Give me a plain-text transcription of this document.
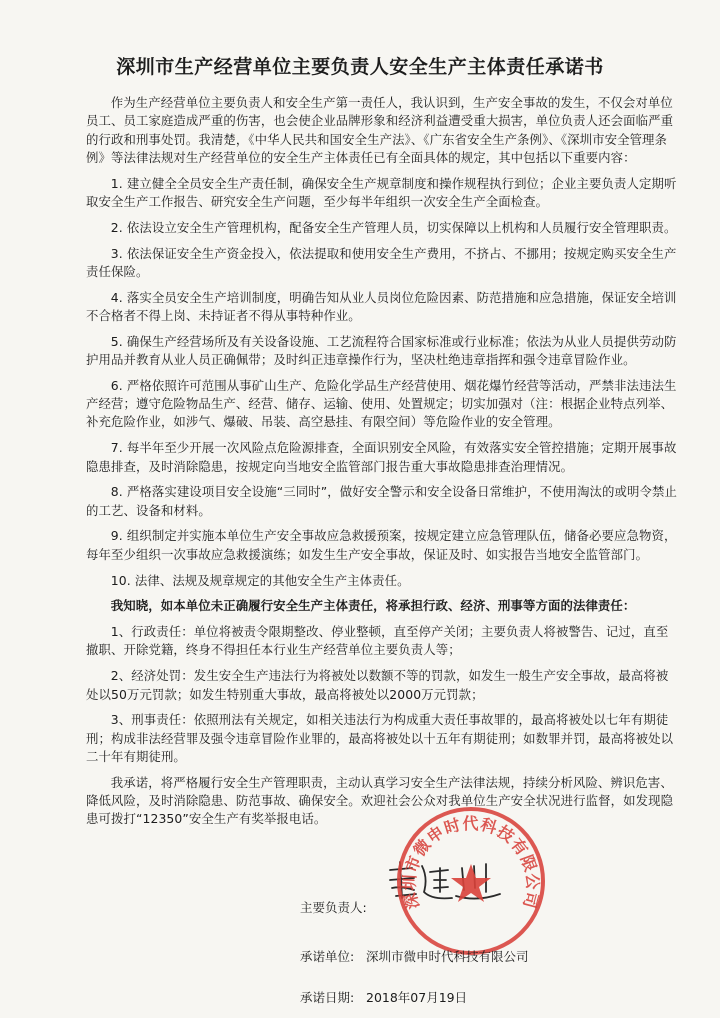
深圳市生产经营单位主要负责人安全生产主体责任承诺书

作为生产经营单位主要负责人和安全生产第一责任人，我认识到，生产安全事故的发生，不仅会对单位员工、员工家庭造成严重的伤害，也会使企业品牌形象和经济利益遭受重大损害，单位负责人还会面临严重的行政和刑事处罚。我清楚，《中华人民共和国安全生产法》、《广东省安全生产条例》、《深圳市安全管理条例》等法律法规对生产经营单位的安全生产主体责任已有全面具体的规定，其中包括以下重要内容：

1. 建立健全全员安全生产责任制，确保安全生产规章制度和操作规程执行到位；企业主要负责人定期听取安全生产工作报告、研究安全生产问题，至少每半年组织一次安全生产全面检查。

2. 依法设立安全生产管理机构，配备安全生产管理人员，切实保障以上机构和人员履行安全管理职责。

3. 依法保证安全生产资金投入，依法提取和使用安全生产费用，不挤占、不挪用；按规定购买安全生产责任保险。

4. 落实全员安全生产培训制度，明确告知从业人员岗位危险因素、防范措施和应急措施，保证安全培训不合格者不得上岗、未持证者不得从事特种作业。

5. 确保生产经营场所及有关设备设施、工艺流程符合国家标准或行业标准；依法为从业人员提供劳动防护用品并教育从业人员正确佩带；及时纠正违章操作行为，坚决杜绝违章指挥和强令违章冒险作业。

6. 严格依照许可范围从事矿山生产、危险化学品生产经营使用、烟花爆竹经营等活动，严禁非法违法生产经营；遵守危险物品生产、经营、储存、运输、使用、处置规定；切实加强对（注：根据企业特点列举、补充危险作业，如涉气、爆破、吊装、高空悬挂、有限空间）等危险作业的安全管理。

7. 每半年至少开展一次风险点危险源排查，全面识别安全风险，有效落实安全管控措施；定期开展事故隐患排查，及时消除隐患，按规定向当地安全监管部门报告重大事故隐患排查治理情况。

8. 严格落实建设项目安全设施“三同时”，做好安全警示和安全设备日常维护，不使用淘汰的或明令禁止的工艺、设备和材料。

9. 组织制定并实施本单位生产安全事故应急救援预案，按规定建立应急管理队伍，储备必要应急物资，每年至少组织一次事故应急救援演练；如发生生产安全事故，保证及时、如实报告当地安全监管部门。

10. 法律、法规及规章规定的其他安全生产主体责任。

我知晓，如本单位未正确履行安全生产主体责任，将承担行政、经济、刑事等方面的法律责任：

1、行政责任：单位将被责令限期整改、停业整顿，直至停产关闭；主要负责人将被警告、记过，直至撤职、开除党籍，终身不得担任本行业生产经营单位主要负责人等；

2、经济处罚：发生安全生产违法行为将被处以数额不等的罚款，如发生一般生产安全事故，最高将被处以50万元罚款；如发生特别重大事故，最高将被处以2000万元罚款；

3、刑事责任：依照刑法有关规定，如相关违法行为构成重大责任事故罪的，最高将被处以七年有期徒刑；构成非法经营罪及强令违章冒险作业罪的，最高将被处以十五年有期徒刑；如数罪并罚，最高将被处以二十年有期徒刑。

我承诺，将严格履行安全生产管理职责，主动认真学习安全生产法律法规，持续分析风险、辨识危害、降低风险，及时消除隐患、防范事故、确保安全。欢迎社会公众对我单位生产安全状况进行监督，如发现隐患可拨打“12350”安全生产有奖举报电话。

主要负责人: 深圳市微申时代科技有限公司
承诺单位: 深圳市微申时代科技有限公司
承诺日期: 2018年07月19日
